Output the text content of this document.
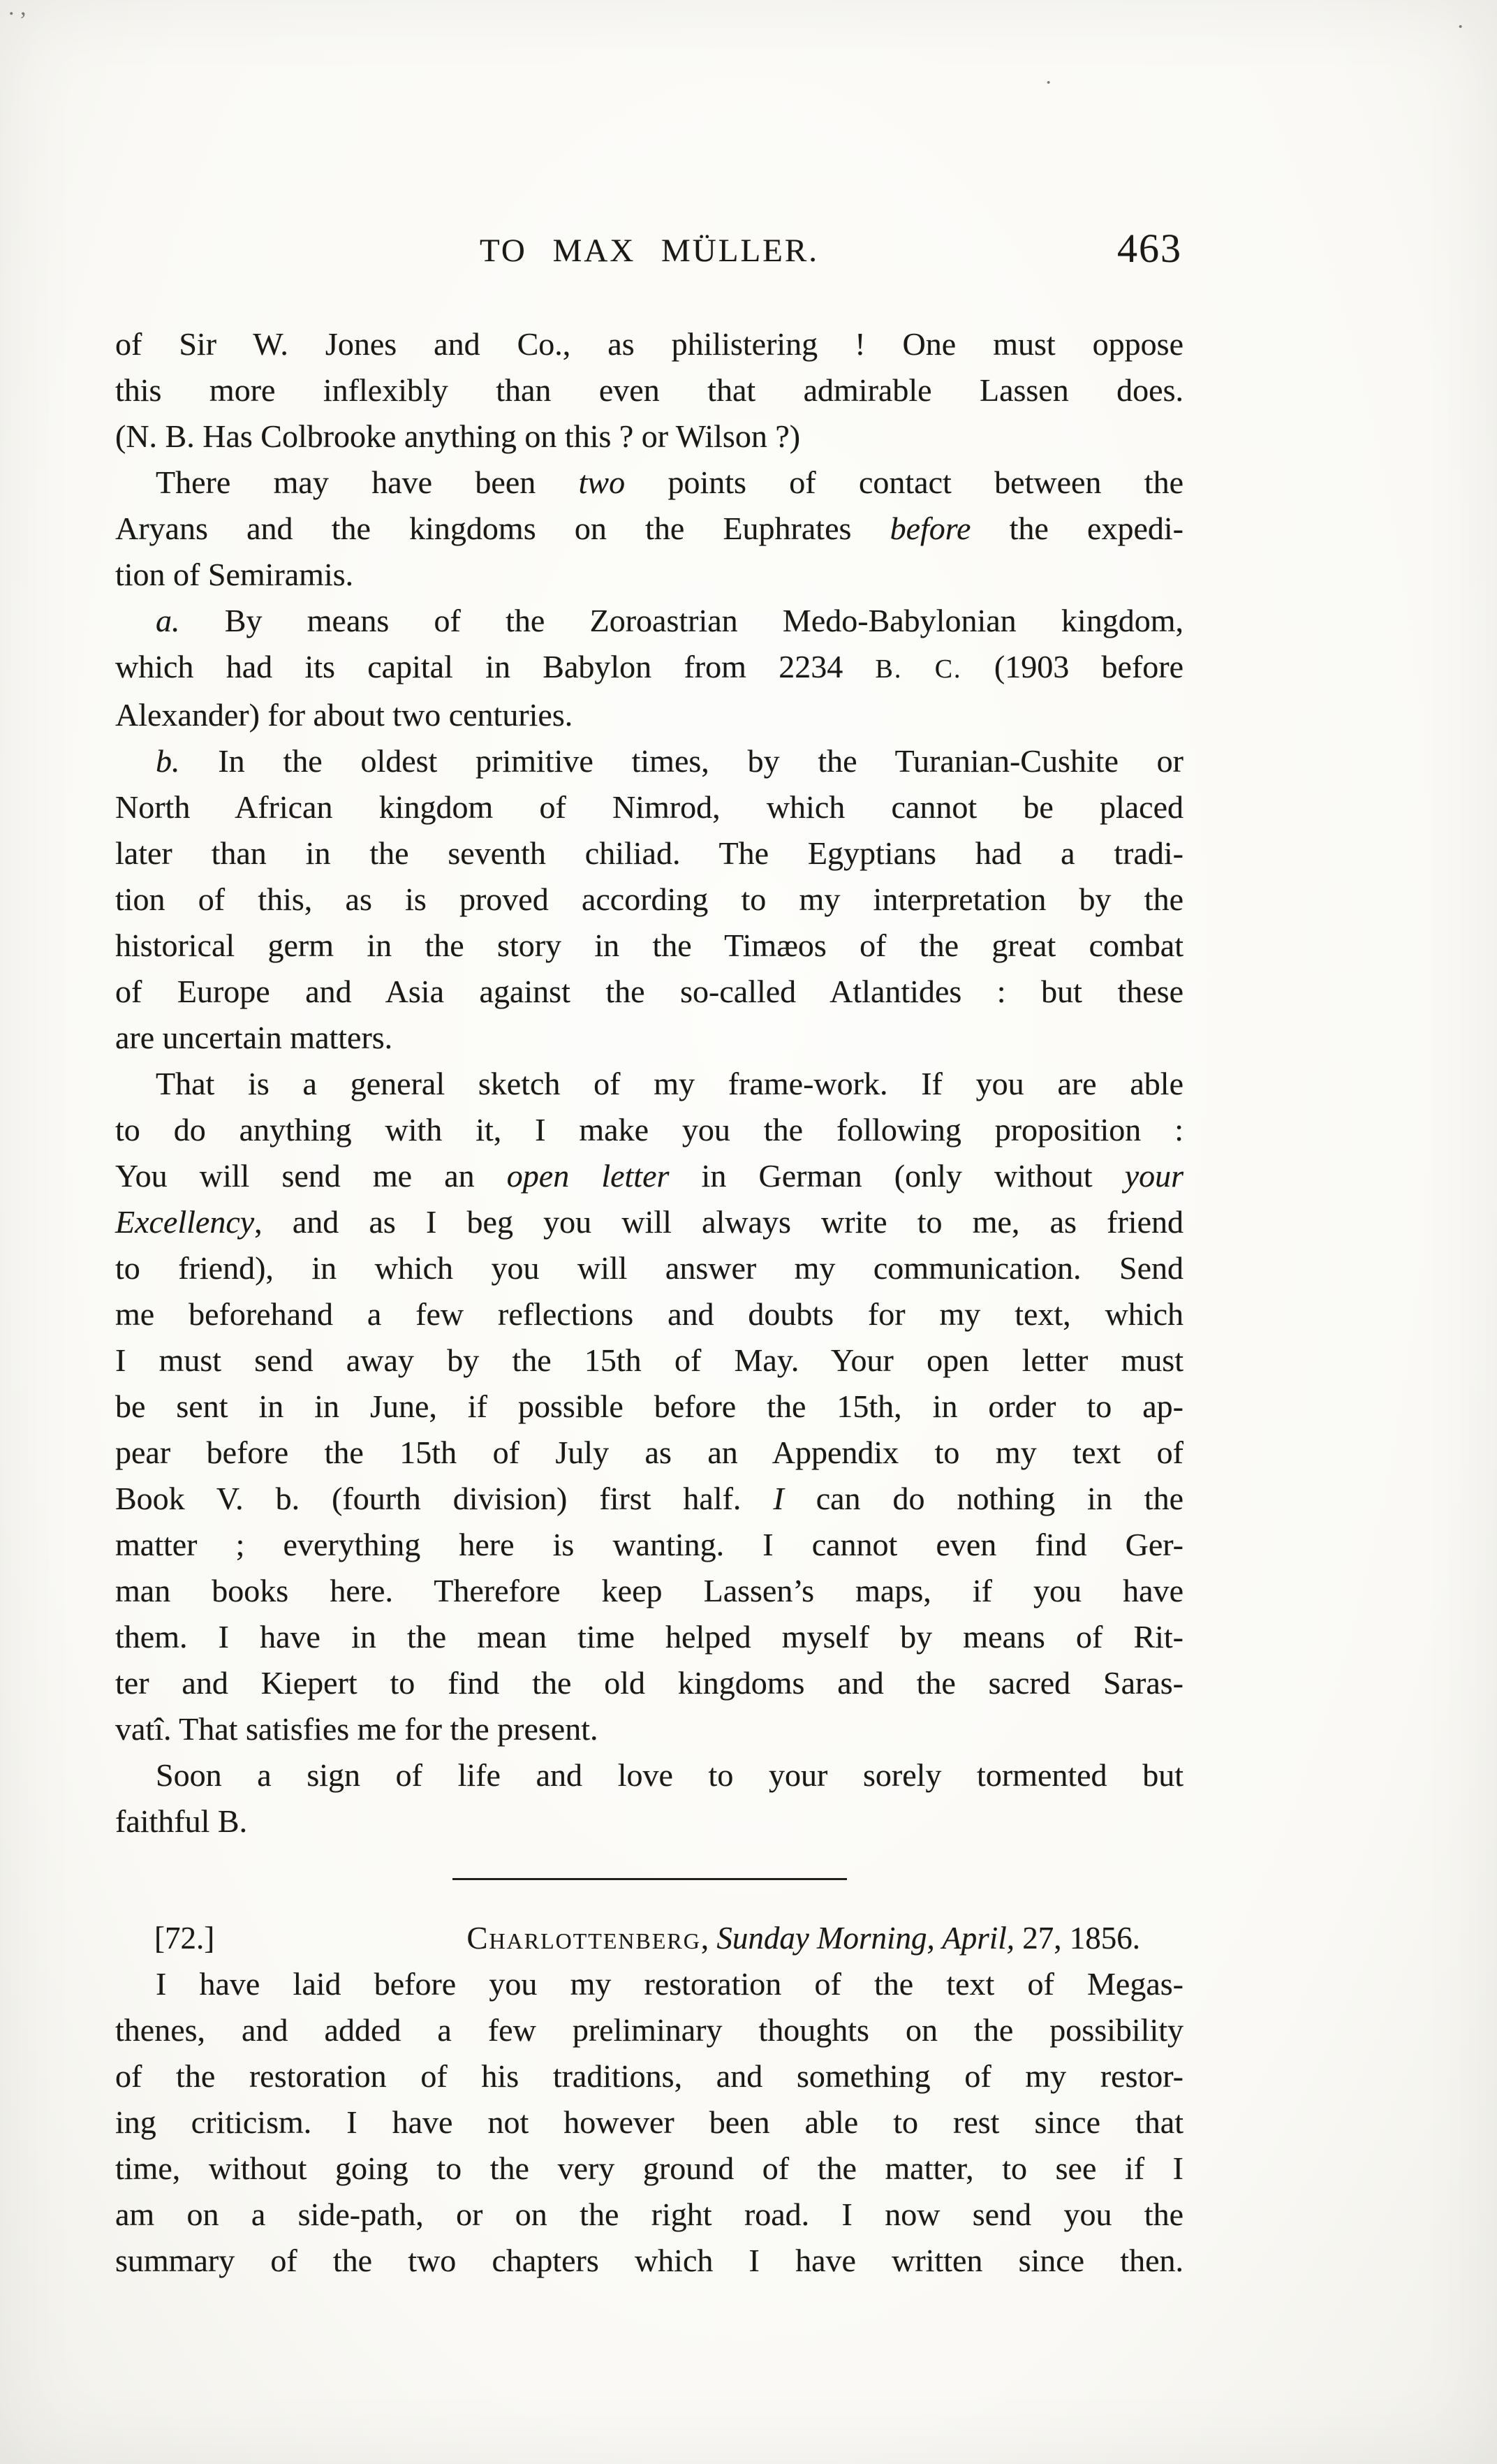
TO MAX MÜLLER.	463
of Sir W. Jones and Co., as philistering ! One must oppose
this more inflexibly than even that admirable Lassen does.
(N. B. Has Colbrooke anything on this ? or Wilson ?)
There may have been two points of contact between the
Aryans and the kingdoms on the Euphrates before the expedi-
tion of Semiramis.
a. By means of the Zoroastrian Medo-Babylonian kingdom,
which had its capital in Babylon from 2234 B. C. (1903 before
Alexander) for about two centuries.
b. In the oldest primitive times, by the Turanian-Cushite or
North African kingdom of Nimrod, which cannot be placed
later than in the seventh chiliad. The Egyptians had a tradi-
tion of this, as is proved according to my interpretation by the
historical germ in the story in the Timæos of the great combat
of Europe and Asia against the so-called Atlantides : but these
are uncertain matters.
That is a general sketch of my frame-work. If you are able
to do anything with it, I make you the following proposition :
You will send me an open letter in German (only without your
Excellency, and as I beg you will always write to me, as friend
to friend), in which you will answer my communication. Send
me beforehand a few reflections and doubts for my text, which
I must send away by the 15th of May. Your open letter must
be sent in in June, if possible before the 15th, in order to ap-
pear before the 15th of July as an Appendix to my text of
Book V. b. (fourth division) first half. I can do nothing in the
matter ; everything here is wanting. I cannot even find Ger-
man books here. Therefore keep Lassen’s maps, if you have
them. I have in the mean time helped myself by means of Rit-
ter and Kiepert to find the old kingdoms and the sacred Saras-
vatî. That satisfies me for the present.
Soon a sign of life and love to your sorely tormented but
faithful B.
[72.]	Charlottenberg, Sunday Morning, April, 27, 1856.
I have laid before you my restoration of the text of Megas-
thenes, and added a few preliminary thoughts on the possibility
of the restoration of his traditions, and something of my restor-
ing criticism. I have not however been able to rest since that
time, without going to the very ground of the matter, to see if I
am on a side-path, or on the right road. I now send you the
summary of the two chapters which I have written since then.
. ,
·
·
